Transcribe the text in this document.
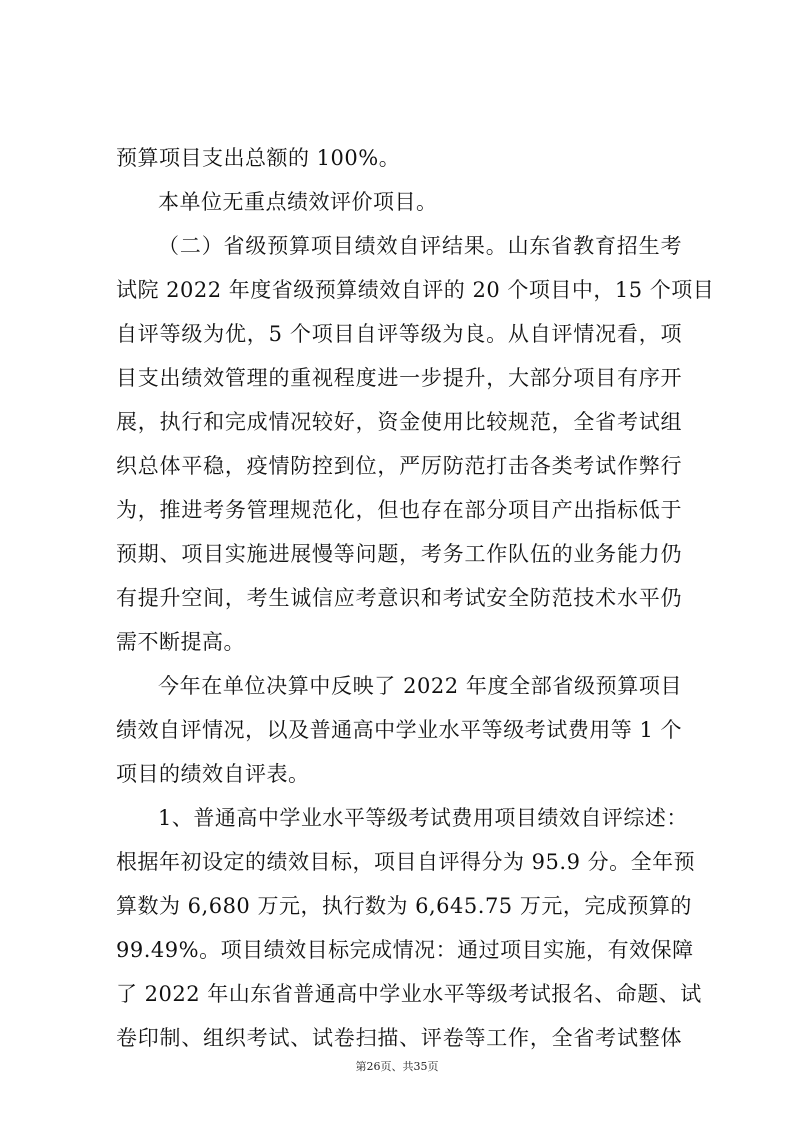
预算项目支出总额的 100%。
本单位无重点绩效评价项目。
（二）省级预算项目绩效自评结果。山东省教育招生考
试院 2022 年度省级预算绩效自评的 20 个项目中，15 个项目
自评等级为优，5 个项目自评等级为良。从自评情况看，项
目支出绩效管理的重视程度进一步提升，大部分项目有序开
展，执行和完成情况较好，资金使用比较规范，全省考试组
织总体平稳，疫情防控到位，严厉防范打击各类考试作弊行
为，推进考务管理规范化，但也存在部分项目产出指标低于
预期、项目实施进展慢等问题，考务工作队伍的业务能力仍
有提升空间，考生诚信应考意识和考试安全防范技术水平仍
需不断提高。
今年在单位决算中反映了 2022 年度全部省级预算项目
绩效自评情况，以及普通高中学业水平等级考试费用等 1 个
项目的绩效自评表。
1、普通高中学业水平等级考试费用项目绩效自评综述：
根据年初设定的绩效目标，项目自评得分为 95.9 分。全年预
算数为 6,680 万元，执行数为 6,645.75 万元，完成预算的
99.49%。项目绩效目标完成情况：通过项目实施，有效保障
了 2022 年山东省普通高中学业水平等级考试报名、命题、试
卷印制、组织考试、试卷扫描、评卷等工作，全省考试整体
第26页、共35页
